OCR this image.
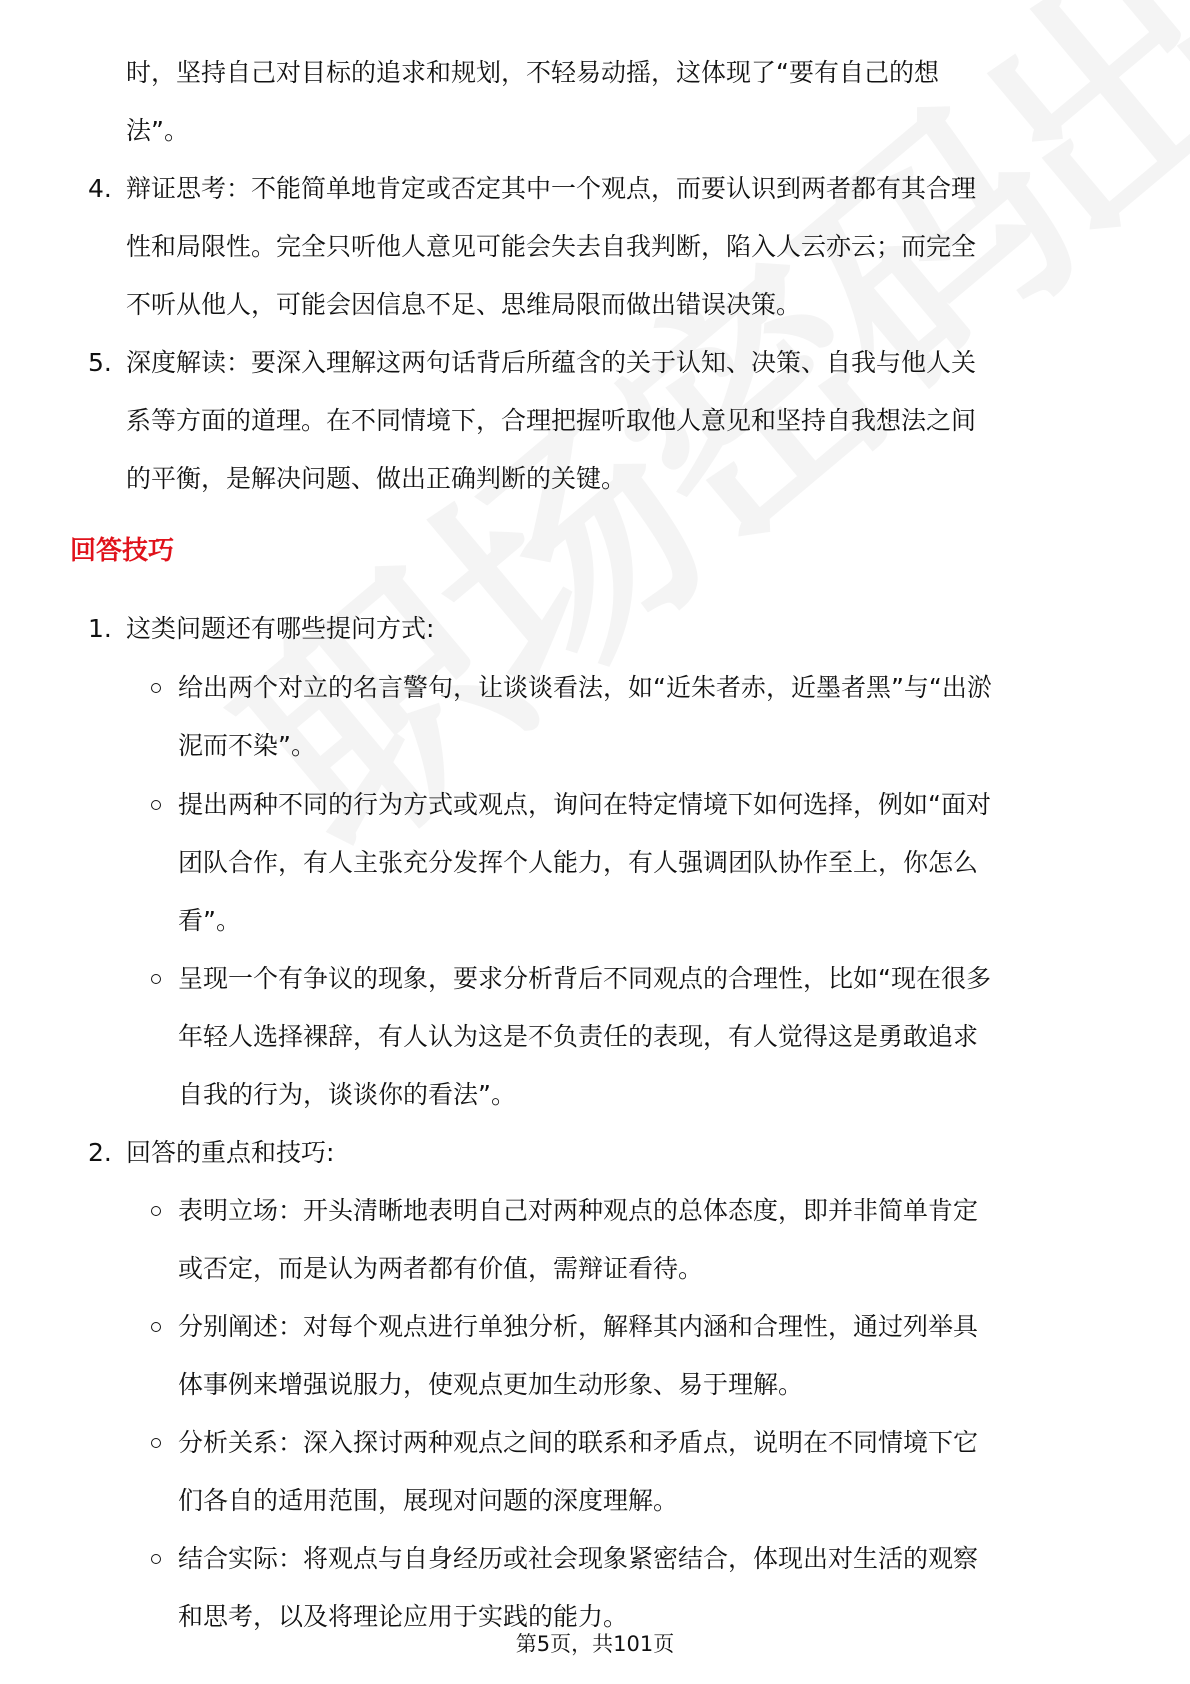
时，坚持自己对目标的追求和规划，不轻易动摇，这体现了“要有自己的想
法”。
4. 辩证思考：不能简单地肯定或否定其中一个观点，而要认识到两者都有其合理
性和局限性。完全只听他人意见可能会失去自我判断，陷入人云亦云；而完全
不听从他人，可能会因信息不足、思维局限而做出错误决策。
5. 深度解读：要深入理解这两句话背后所蕴含的关于认知、决策、自我与他人关
系等方面的道理。在不同情境下，合理把握听取他人意见和坚持自我想法之间
的平衡，是解决问题、做出正确判断的关键。
回答技巧
1. 这类问题还有哪些提问方式:
给出两个对立的名言警句，让谈谈看法，如“近朱者赤，近墨者黑”与“出淤
泥而不染”。
提出两种不同的行为方式或观点，询问在特定情境下如何选择，例如“面对
团队合作，有人主张充分发挥个人能力，有人强调团队协作至上，你怎么
看”。
呈现一个有争议的现象，要求分析背后不同观点的合理性，比如“现在很多
年轻人选择裸辞，有人认为这是不负责任的表现，有人觉得这是勇敢追求
自我的行为，谈谈你的看法”。
2. 回答的重点和技巧:
表明立场：开头清晰地表明自己对两种观点的总体态度，即并非简单肯定
或否定，而是认为两者都有价值，需辩证看待。
分别阐述：对每个观点进行单独分析，解释其内涵和合理性，通过列举具
体事例来增强说服力，使观点更加生动形象、易于理解。
分析关系：深入探讨两种观点之间的联系和矛盾点，说明在不同情境下它
们各自的适用范围，展现对问题的深度理解。
结合实际：将观点与自身经历或社会现象紧密结合，体现出对生活的观察
和思考，以及将理论应用于实践的能力。
第5页，共101页
